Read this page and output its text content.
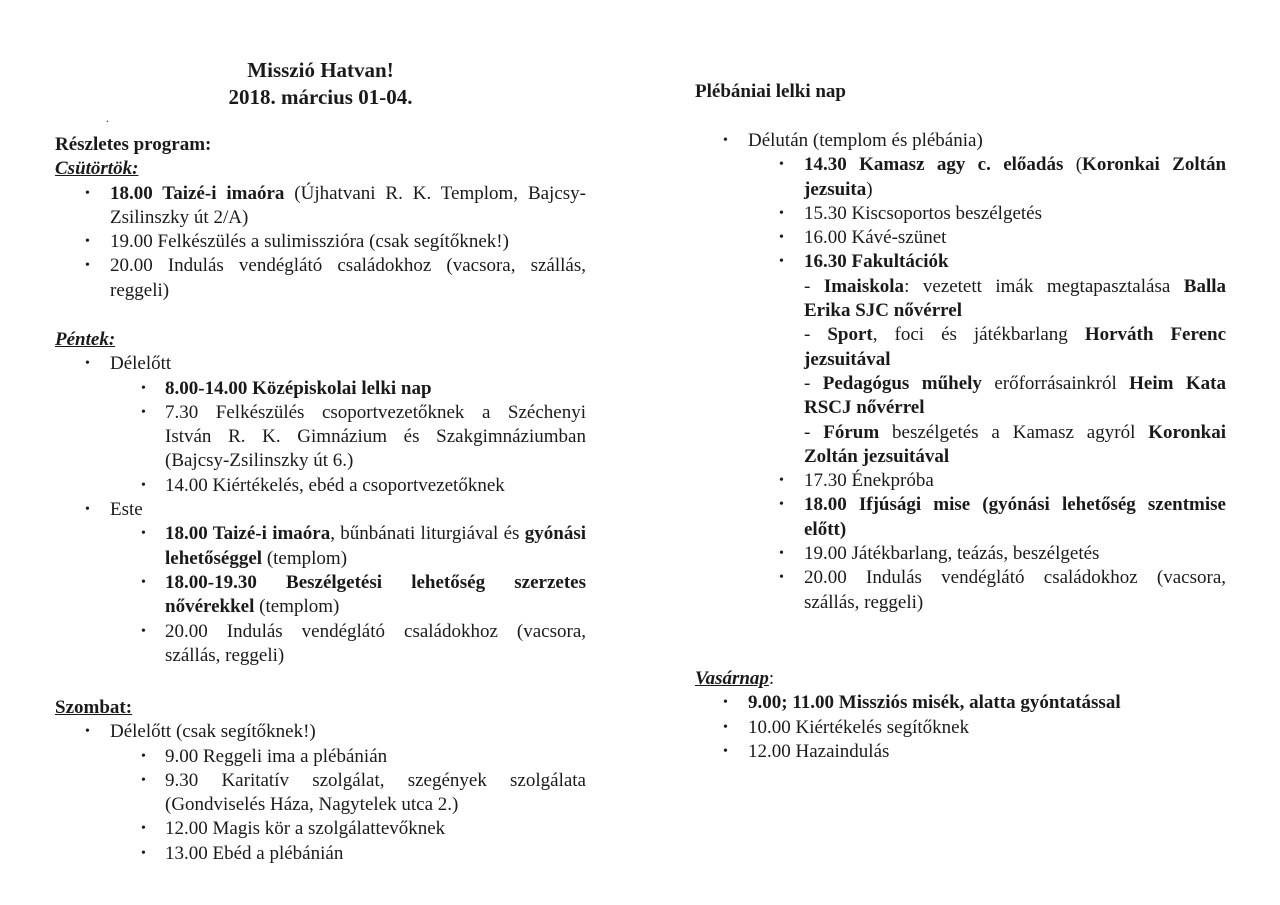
Misszió Hatvan!
2018. március 01-04.
.
Részletes program:
Csütörtök:
• 18.00 Taizé-i imaóra (Újhatvani R. K. Templom, Bajcsy-Zsilinszky út 2/A)
• 19.00 Felkészülés a sulimisszióra (csak segítőknek!)
• 20.00 Indulás vendéglátó családokhoz (vacsora, szállás, reggeli)
Péntek:
• Délelőtt
• 8.00-14.00 Középiskolai lelki nap
• 7.30 Felkészülés csoportvezetőknek a Széchenyi István R. K. Gimnázium és Szakgimnáziumban (Bajcsy-Zsilinszky út 6.)
• 14.00 Kiértékelés, ebéd a csoportvezetőknek
• Este
• 18.00 Taizé-i imaóra, bűnbánati liturgiával és gyónási lehetőséggel (templom)
• 18.00-19.30 Beszélgetési lehetőség szerzetes nővérekkel (templom)
• 20.00 Indulás vendéglátó családokhoz (vacsora, szállás, reggeli)
Szombat:
• Délelőtt (csak segítőknek!)
• 9.00 Reggeli ima a plébánián
• 9.30 Karitatív szolgálat, szegények szolgálata (Gondviselés Háza, Nagytelek utca 2.)
• 12.00 Magis kör a szolgálattevőknek
• 13.00 Ebéd a plébánián
Plébániai lelki nap
• Délután (templom és plébánia)
• 14.30 Kamasz agy c. előadás (Koronkai Zoltán jezsuita)
• 15.30 Kiscsoportos beszélgetés
• 16.00 Kávé-szünet
• 16.30 Fakultációk
- Imaiskola: vezetett imák megtapasztalása Balla Erika SJC nővérrel
- Sport, foci és játékbarlang Horváth Ferenc jezsuitával
- Pedagógus műhely erőforrásainkról Heim Kata RSCJ nővérrel
- Fórum beszélgetés a Kamasz agyról Koronkai Zoltán jezsuitával
• 17.30 Énekpróba
• 18.00 Ifjúsági mise (gyónási lehetőség szentmise előtt)
• 19.00 Játékbarlang, teázás, beszélgetés
• 20.00 Indulás vendéglátó családokhoz (vacsora, szállás, reggeli)
Vasárnap:
• 9.00; 11.00 Missziós misék, alatta gyóntatással
• 10.00 Kiértékelés segítőknek
• 12.00 Hazaindulás
